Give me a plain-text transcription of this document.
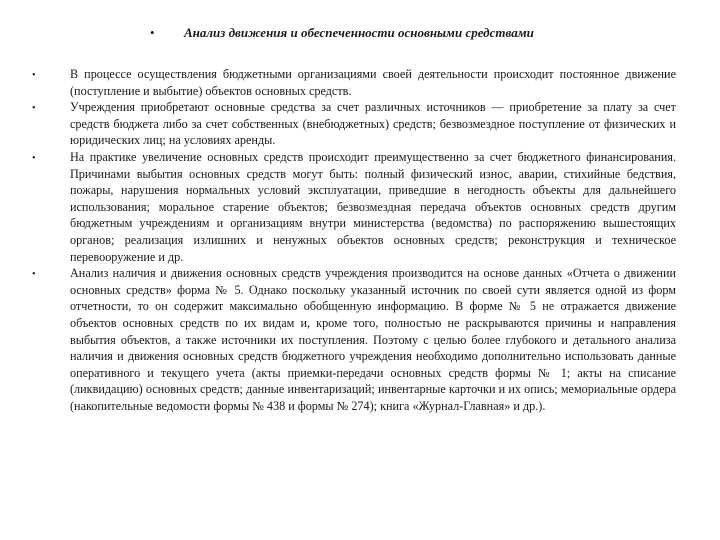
•	Анализ движения и обеспеченности основными средствами
•	В процессе осуществления бюджетными организациями своей деятельности происходит постоянное движение (поступление и выбытие) объектов основных средств.
•	Учреждения приобретают основные средства за счет различных источников — приобретение за плату за счет средств бюджета либо за счет собственных (внебюджетных) средств; безвозмездное поступление от физических и юридических лиц; на условиях аренды.
•	На практике увеличение основных средств происходит преимущественно за счет бюджетного финансирования. Причинами выбытия основных средств могут быть: полный физический износ, аварии, стихийные бедствия, пожары, нарушения нормальных условий эксплуатации, приведшие в негодность объекты для дальнейшего использования; моральное старение объектов; безвозмездная передача объектов основных средств другим бюджетным учреждениям и организациям внутри министерства (ведомства) по распоряжению вышестоящих органов; реализация излишних и ненужных объектов основных средств; реконструкция и техническое перевооружение и др.
•	Анализ наличия и движения основных средств учреждения производится на основе данных «Отчета о движении основных средств» форма № 5. Однако поскольку указанный источник по своей сути является одной из форм отчетности, то он содержит максимально обобщенную информацию. В форме № 5 не отражается движение объектов основных средств по их видам и, кроме того, полностью не раскрываются причины и направления выбытия объектов, а также источники их поступления. Поэтому с целью более глубокого и детального анализа наличия и движения основных средств бюджетного учреждения необходимо дополнительно использовать данные оперативного и текущего учета (акты приемки-передачи основных средств формы № 1; акты на списание (ликвидацию) основных средств; данные инвентаризаций; инвентарные карточки и их опись; мемориальные ордера (накопительные ведомости формы № 438 и формы № 274); книга «Журнал-Главная» и др.).
